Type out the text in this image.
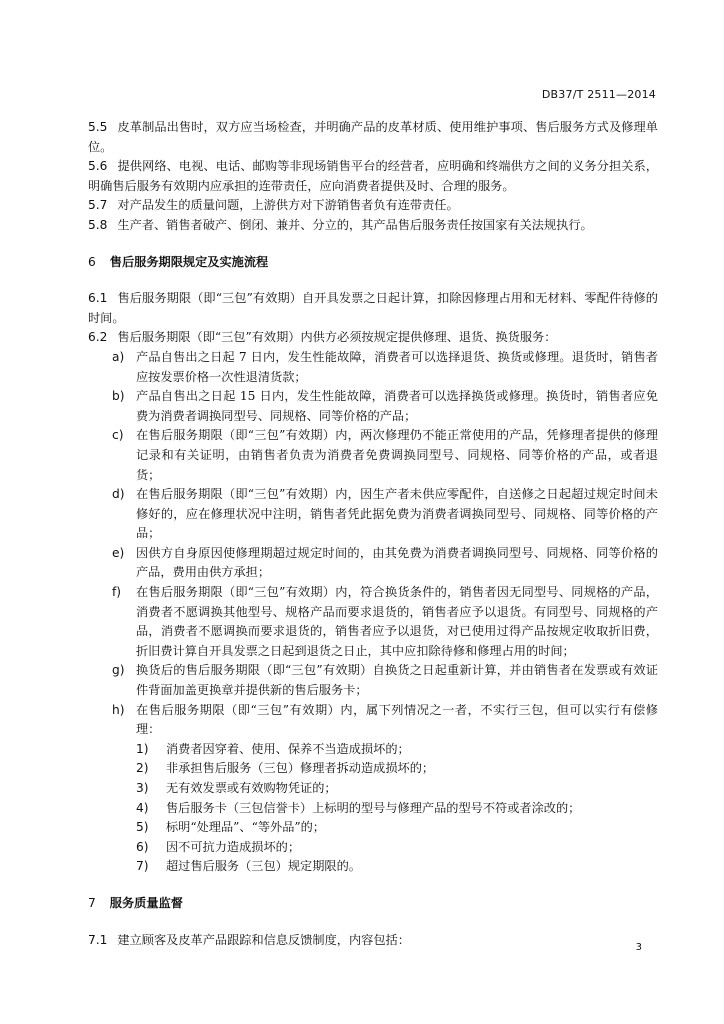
DB37/T 2511—2014

5.5 皮革制品出售时，双方应当场检查，并明确产品的皮革材质、使用维护事项、售后服务方式及修理单位。

5.6 提供网络、电视、电话、邮购等非现场销售平台的经营者，应明确和终端供方之间的义务分担关系，明确售后服务有效期内应承担的连带责任，应向消费者提供及时、合理的服务。

5.7 对产品发生的质量问题，上游供方对下游销售者负有连带责任。

5.8 生产者、销售者破产、倒闭、兼并、分立的，其产品售后服务责任按国家有关法规执行。

6 售后服务期限规定及实施流程

6.1 售后服务期限（即“三包”有效期）自开具发票之日起计算，扣除因修理占用和无材料、零配件待修的时间。

6.2 售后服务期限（即“三包”有效期）内供方必须按规定提供修理、退货、换货服务：

a) 产品自售出之日起 7 日内，发生性能故障，消费者可以选择退货、换货或修理。退货时，销售者应按发票价格一次性退清货款；
b) 产品自售出之日起 15 日内，发生性能故障，消费者可以选择换货或修理。换货时，销售者应免费为消费者调换同型号、同规格、同等价格的产品；
c) 在售后服务期限（即“三包”有效期）内，两次修理仍不能正常使用的产品，凭修理者提供的修理记录和有关证明，由销售者负责为消费者免费调换同型号、同规格、同等价格的产品，或者退货；
d) 在售后服务期限（即“三包”有效期）内，因生产者未供应零配件，自送修之日起超过规定时间未修好的，应在修理状况中注明，销售者凭此据免费为消费者调换同型号、同规格、同等价格的产品；
e) 因供方自身原因使修理期超过规定时间的，由其免费为消费者调换同型号、同规格、同等价格的产品，费用由供方承担；
f) 在售后服务期限（即“三包”有效期）内，符合换货条件的，销售者因无同型号、同规格的产品，消费者不愿调换其他型号、规格产品而要求退货的，销售者应予以退货。有同型号、同规格的产品，消费者不愿调换而要求退货的，销售者应予以退货，对已使用过得产品按规定收取折旧费，折旧费计算自开具发票之日起到退货之日止，其中应扣除待修和修理占用的时间；
g) 换货后的售后服务期限（即“三包”有效期）自换货之日起重新计算，并由销售者在发票或有效证件背面加盖更换章并提供新的售后服务卡；
h) 在售后服务期限（即“三包”有效期）内，属下列情况之一者，不实行三包，但可以实行有偿修理：
1) 消费者因穿着、使用、保养不当造成损坏的；
2) 非承担售后服务（三包）修理者拆动造成损坏的；
3) 无有效发票或有效购物凭证的；
4) 售后服务卡（三包信誉卡）上标明的型号与修理产品的型号不符或者涂改的；
5) 标明“处理品”、“等外品”的；
6) 因不可抗力造成损坏的；
7) 超过售后服务（三包）规定期限的。

7 服务质量监督

7.1 建立顾客及皮革产品跟踪和信息反馈制度，内容包括：

3
